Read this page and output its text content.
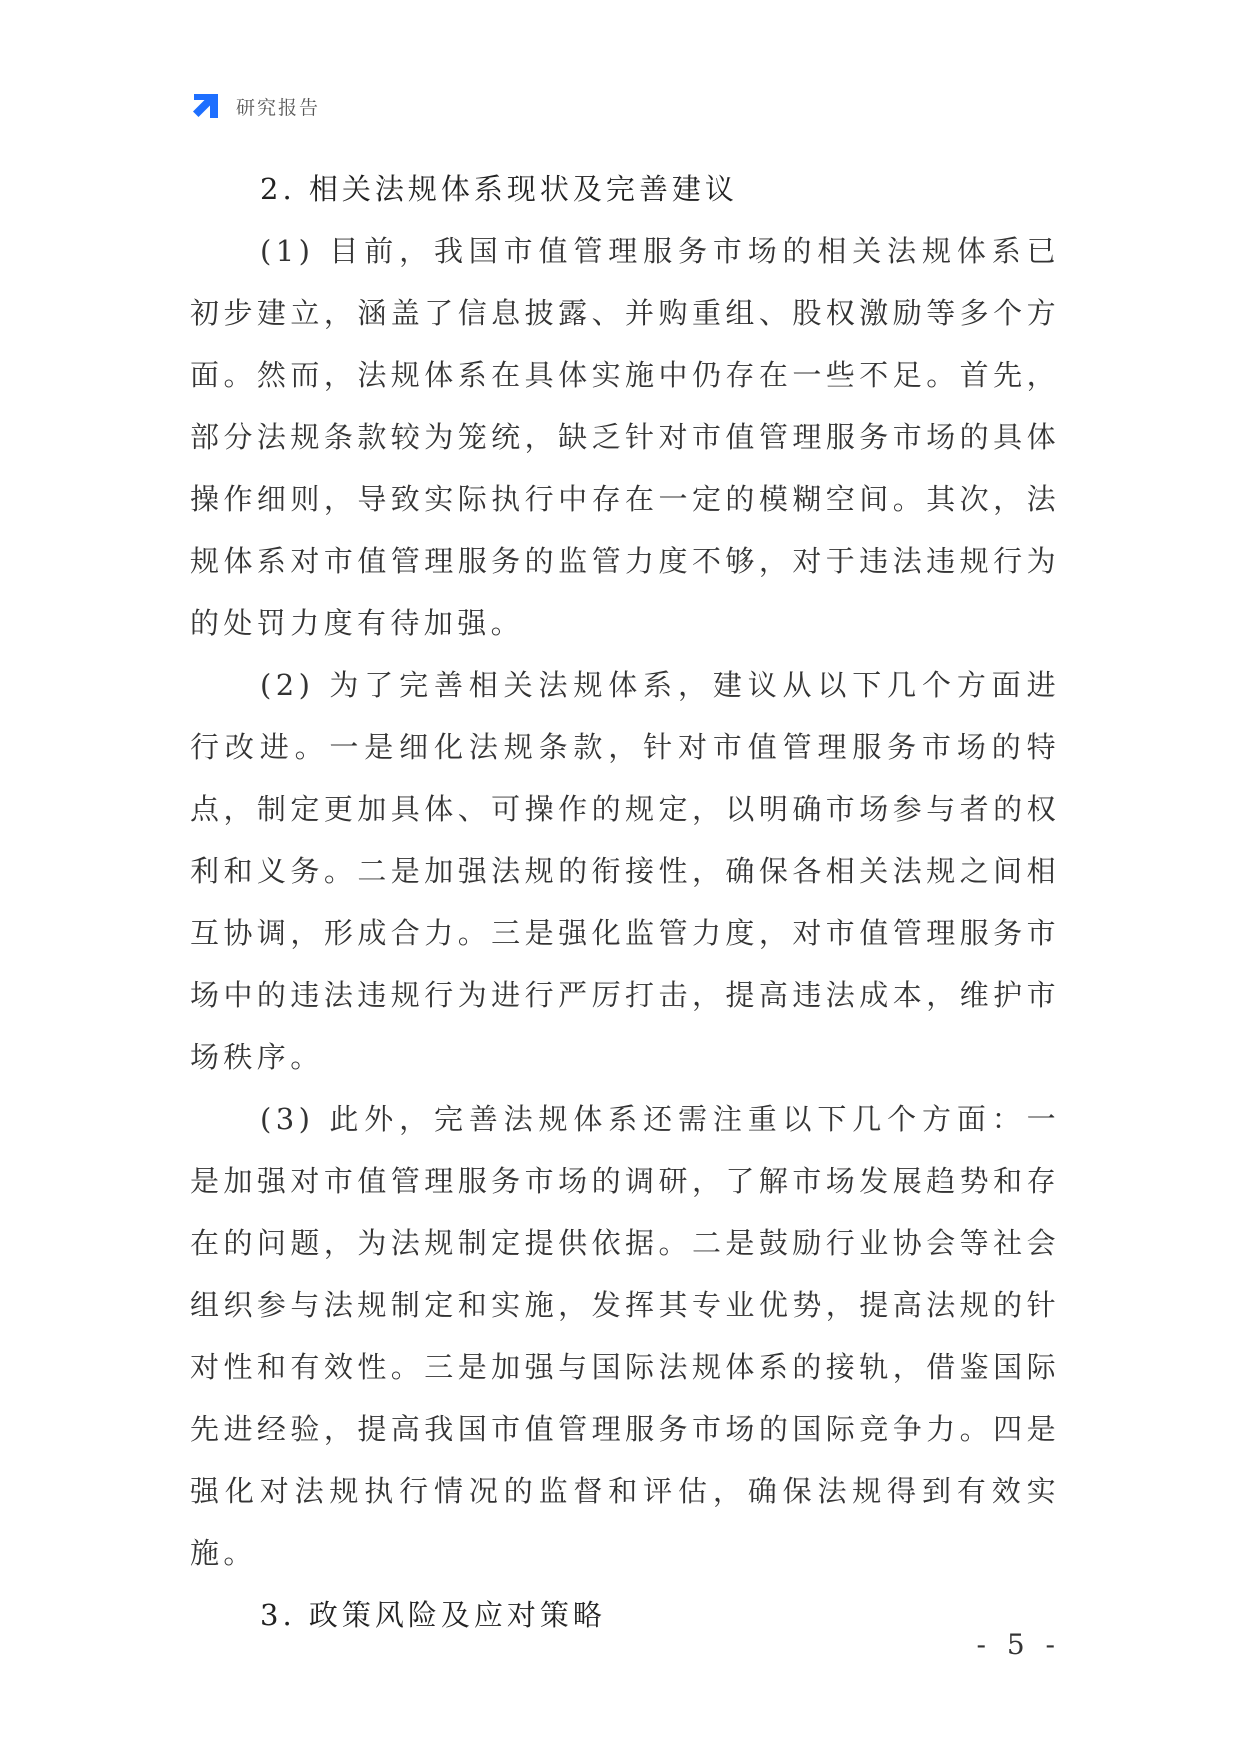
研究报告
2. 相关法规体系现状及完善建议

(1) 目前，我国市值管理服务市场的相关法规体系已初步建立，涵盖了信息披露、并购重组、股权激励等多个方面。然而，法规体系在具体实施中仍存在一些不足。首先，部分法规条款较为笼统，缺乏针对市值管理服务市场的具体操作细则，导致实际执行中存在一定的模糊空间。其次，法规体系对市值管理服务的监管力度不够，对于违法违规行为的处罚力度有待加强。

(2) 为了完善相关法规体系，建议从以下几个方面进行改进。一是细化法规条款，针对市值管理服务市场的特点，制定更加具体、可操作的规定，以明确市场参与者的权利和义务。二是加强法规的衔接性，确保各相关法规之间相互协调，形成合力。三是强化监管力度，对市值管理服务市场中的违法违规行为进行严厉打击，提高违法成本，维护市场秩序。

(3) 此外，完善法规体系还需注重以下几个方面：一是加强对市值管理服务市场的调研，了解市场发展趋势和存在的问题，为法规制定提供依据。二是鼓励行业协会等社会组织参与法规制定和实施，发挥其专业优势，提高法规的针对性和有效性。三是加强与国际法规体系的接轨，借鉴国际先进经验，提高我国市值管理服务市场的国际竞争力。四是强化对法规执行情况的监督和评估，确保法规得到有效实施。

3. 政策风险及应对策略
- 5 -
